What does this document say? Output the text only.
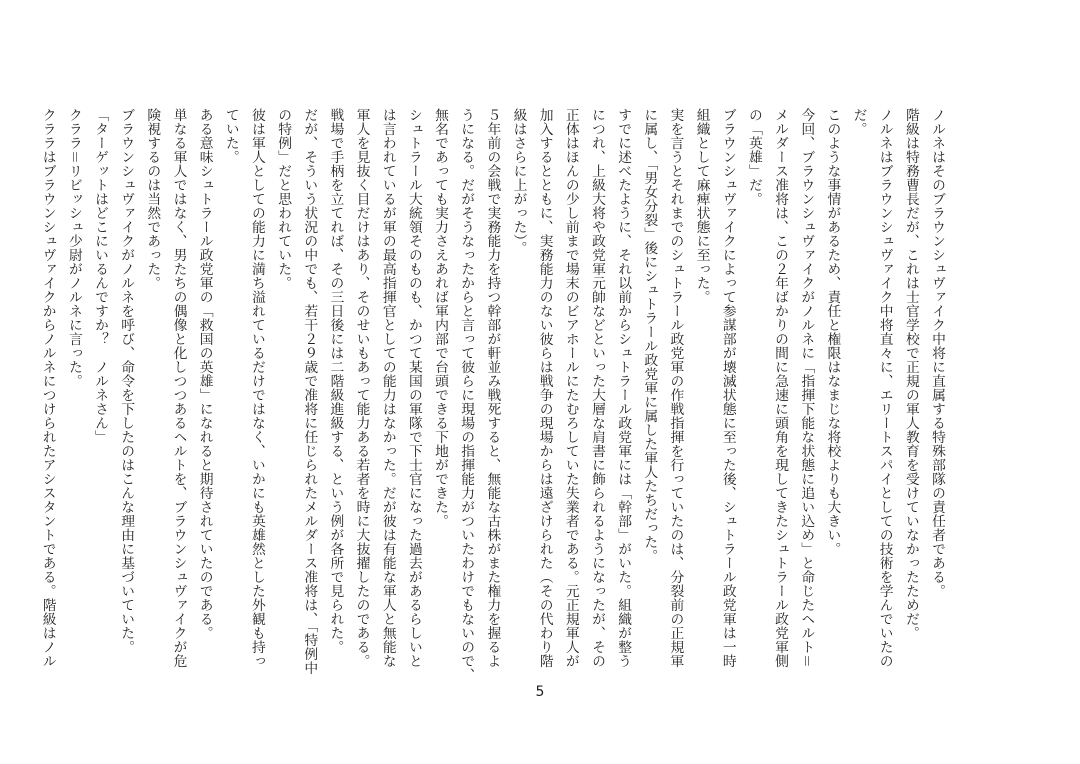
ノルネはそのブラウンシュヴァイク中将に直属する特殊部隊の責任者である。

階級は特務曹長だが、これは士官学校で正規の軍人教育を受けていなかったためだ。

ノルネはブラウンシュヴァイク中将直々に、エリートスパイとしての技術を学んでいたの

だ。

このような事情があるため、責任と権限はなまじな将校よりも大きい。

今回、ブラウンシュヴァイクがノルネに「指揮下能な状態に追い込め」と命じたヘルト＝

メルダース准将は、この２年ばかりの間に急速に頭角を現してきたシュトラール政党軍側

の「英雄」だ。

ブラウンシュヴァイクによって参謀部が壊滅状態に至った後、シュトラール政党軍は一時

組織として麻痺状態に至った。

実を言うとそれまでのシュトラール政党軍の作戦指揮を行っていたのは、分裂前の正規軍

に属し、「男女分裂」後にシュトラール政党軍に属した軍人たちだった。

すでに述べたように、それ以前からシュトラール政党軍には「幹部」がいた。組織が整う

につれ、上級大将や政党軍元帥などといった大層な肩書に飾られるようになったが、その

正体はほんの少し前まで場末のビアホールにたむろしていた失業者である。元正規軍人が

加入するとともに、実務能力のない彼らは戦争の現場からは遠ざけられた（その代わり階

級はさらに上がった）。

５年前の会戦で実務能力を持つ幹部が軒並み戦死すると、無能な古株がまた権力を握るよ

うになる。だがそうなったからと言って彼らに現場の指揮能力がついたわけでもないので、

無名であっても実力さえあれば軍内部で台頭できる下地ができた。

シュトラール大統領そのものも、かつて某国の軍隊で下士官になった過去があるらしいと

は言われているが軍の最高指揮官としての能力はなかった。だが彼は有能な軍人と無能な

軍人を見抜く目だけはあり、そのせいもあって能力ある若者を時に大抜擢したのである。

戦場で手柄を立てれば、その三日後には二階級進級する、という例が各所で見られた。

だが、そういう状況の中でも、若干２９歳で准将に任じられたメルダース准将は、「特例中

の特例」だと思われていた。

彼は軍人としての能力に満ち溢れているだけではなく、いかにも英雄然とした外観も持っ

ていた。

ある意味シュトラール政党軍の「救国の英雄」になれると期待されていたのである。

単なる軍人ではなく、男たちの偶像と化しつつあるヘルトを、ブラウンシュヴァイクが危

険視するのは当然であった。

ブラウンシュヴァイクがノルネを呼び、命令を下したのはこんな理由に基づいていた。

「ターゲットはどこにいるんですか？　ノルネさん」

クララ＝リビッシュ少尉がノルネに言った。

クララはブラウンシュヴァイクからノルネにつけられたアシスタントである。階級はノル

5
